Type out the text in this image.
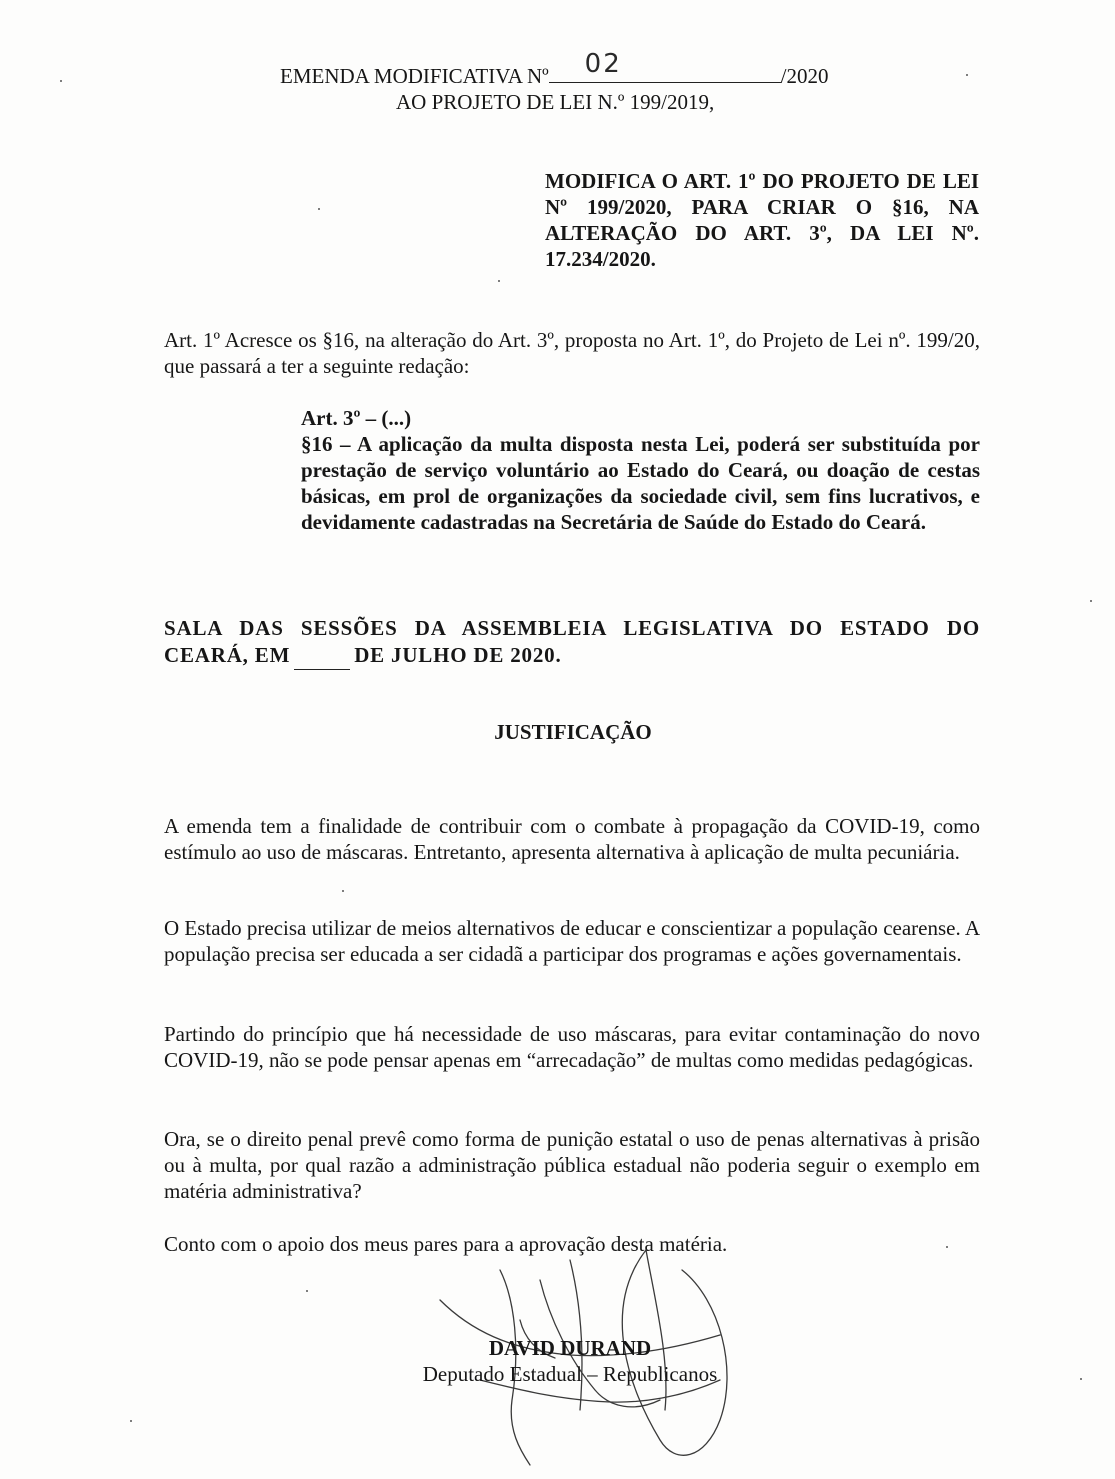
EMENDA MODIFICATIVA Nº 02	/2020
AO PROJETO DE LEI N.º 199/2019,
MODIFICA O ART. 1º DO PROJETO DE LEI Nº 199/2020, PARA CRIAR O §16, NA ALTERAÇÃO DO ART. 3º, DA LEI Nº. 17.234/2020.
Art. 1º Acresce os §16, na alteração do Art. 3º, proposta no Art. 1º, do Projeto de Lei nº. 199/20, que passará a ter a seguinte redação:
Art. 3º – (...)
§16 – A aplicação da multa disposta nesta Lei, poderá ser substituída por prestação de serviço voluntário ao Estado do Ceará, ou doação de cestas básicas, em prol de organizações da sociedade civil, sem fins lucrativos, e devidamente cadastradas na Secretária de Saúde do Estado do Ceará.
SALA DAS SESSÕES DA ASSEMBLEIA LEGISLATIVA DO ESTADO DO CEARÁ, EM	DE JULHO DE 2020.
JUSTIFICAÇÃO
A emenda tem a finalidade de contribuir com o combate à propagação da COVID-19, como estímulo ao uso de máscaras. Entretanto, apresenta alternativa à aplicação de multa pecuniária.
O Estado precisa utilizar de meios alternativos de educar e conscientizar a população cearense. A população precisa ser educada a ser cidadã a participar dos programas e ações governamentais.
Partindo do princípio que há necessidade de uso máscaras, para evitar contaminação do novo COVID-19, não se pode pensar apenas em “arrecadação” de multas como medidas pedagógicas.
Ora, se o direito penal prevê como forma de punição estatal o uso de penas alternativas à prisão ou à multa, por qual razão a administração pública estadual não poderia seguir o exemplo em matéria administrativa?
Conto com o apoio dos meus pares para a aprovação desta matéria.
DAVID DURAND
Deputado Estadual – Republicanos
